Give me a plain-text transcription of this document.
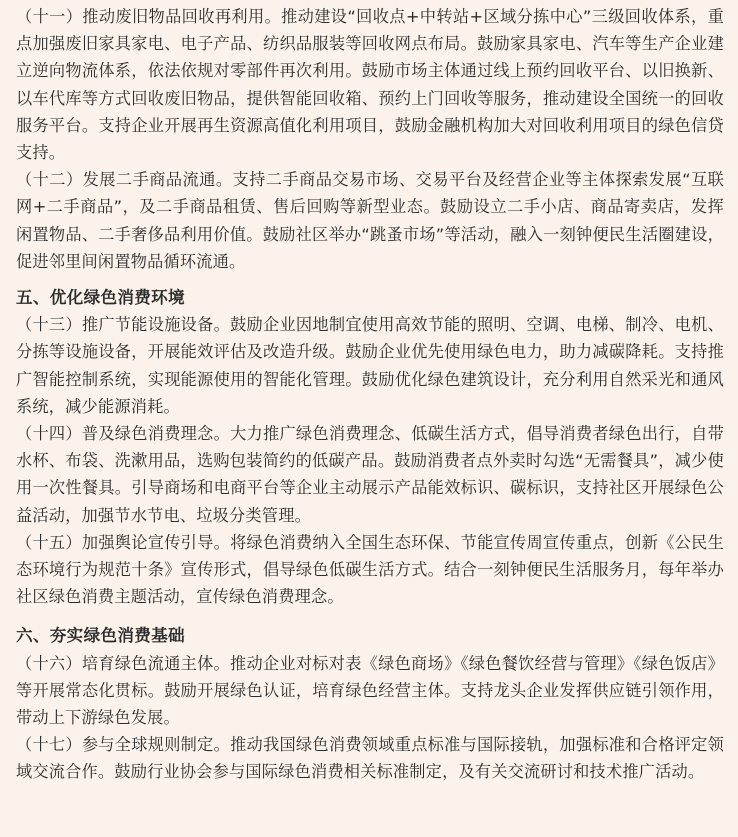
（十一）推动废旧物品回收再利用。推动建设“回收点+中转站+区域分拣中心”三级回收体系，重点加强废旧家具家电、电子产品、纺织品服装等回收网点布局。鼓励家具家电、汽车等生产企业建立逆向物流体系，依法依规对零部件再次利用。鼓励市场主体通过线上预约回收平台、以旧换新、以车代库等方式回收废旧物品，提供智能回收箱、预约上门回收等服务，推动建设全国统一的回收服务平台。支持企业开展再生资源高值化利用项目，鼓励金融机构加大对回收利用项目的绿色信贷支持。

（十二）发展二手商品流通。支持二手商品交易市场、交易平台及经营企业等主体探索发展“互联网+二手商品”，及二手商品租赁、售后回购等新型业态。鼓励设立二手小店、商品寄卖店，发挥闲置物品、二手奢侈品利用价值。鼓励社区举办“跳蚤市场”等活动，融入一刻钟便民生活圈建设，促进邻里间闲置物品循环流通。

五、优化绿色消费环境

（十三）推广节能设施设备。鼓励企业因地制宜使用高效节能的照明、空调、电梯、制冷、电机、分拣等设施设备，开展能效评估及改造升级。鼓励企业优先使用绿色电力，助力减碳降耗。支持推广智能控制系统，实现能源使用的智能化管理。鼓励优化绿色建筑设计，充分利用自然采光和通风系统，减少能源消耗。

（十四）普及绿色消费理念。大力推广绿色消费理念、低碳生活方式，倡导消费者绿色出行，自带水杯、布袋、洗漱用品，选购包装简约的低碳产品。鼓励消费者点外卖时勾选“无需餐具”，减少使用一次性餐具。引导商场和电商平台等企业主动展示产品能效标识、碳标识，支持社区开展绿色公益活动，加强节水节电、垃圾分类管理。

（十五）加强舆论宣传引导。将绿色消费纳入全国生态环保、节能宣传周宣传重点，创新《公民生态环境行为规范十条》宣传形式，倡导绿色低碳生活方式。结合一刻钟便民生活服务月，每年举办社区绿色消费主题活动，宣传绿色消费理念。

六、夯实绿色消费基础

（十六）培育绿色流通主体。推动企业对标对表《绿色商场》《绿色餐饮经营与管理》《绿色饭店》等开展常态化贯标。鼓励开展绿色认证，培育绿色经营主体。支持龙头企业发挥供应链引领作用，带动上下游绿色发展。

（十七）参与全球规则制定。推动我国绿色消费领域重点标准与国际接轨，加强标准和合格评定领域交流合作。鼓励行业协会参与国际绿色消费相关标准制定，及有关交流研讨和技术推广活动。
